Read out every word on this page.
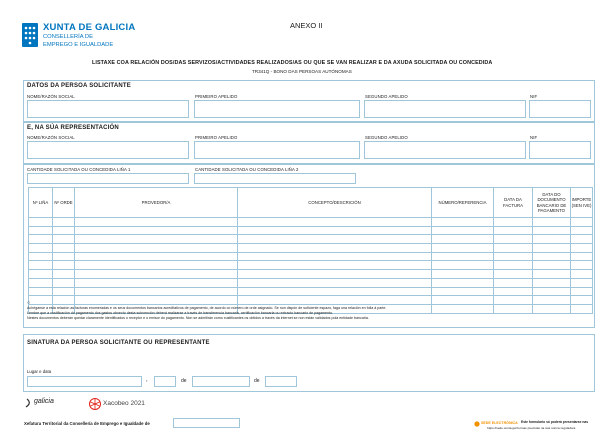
XUNTA DE GALICIA
CONSELLERÍA DE
EMPREGO E IGUALDADE
ANEXO II
LISTAXE COA RELACIÓN DOS/DAS SERVIZOS/ACTIVIDADES REALIZADOS/AS OU QUE SE VAN REALIZAR E DA AXUDA SOLICITADA OU CONCEDIDA
TR341Q - BONO DAS PERSOAS AUTÓNOMAS
DATOS DA PERSOA SOLICITANTE
NOME/RAZÓN SOCIAL	PRIMEIRO APELIDO	SEGUNDO APELIDO	NIF
E, NA SÚA REPRESENTACIÓN
NOME/RAZÓN SOCIAL	PRIMEIRO APELIDO	SEGUNDO APELIDO	NIF
CANTIDADE SOLICITADA OU CONCEDIDA LIÑA 1	CANTIDADE SOLICITADA OU CONCEDIDA LIÑA 2
Nº LIÑA	Nº ORDE	PROVEDOR/A	CONCEPTO/DESCRICIÓN	NÚMERO/REFERENCIA	DATA DA FACTURA	DATA DO DOCUMENTO BANCARIO DE PAGAMENTO	IMPORTE (SEN IVE)

○
Achéganse a esta relación as facturas enumeradas e os seus documentos bancarios acreditativos de pagamento, de acordo co número de orde asignado. Se non dispón de suficiente espazo, faga una relación en folla á parte.
Lembre que a xustificación do pagamento dos gastos obxecto desta subvención deberá realizarse a través de transferencia bancaria, certificación bancaria ou extracto bancario de pagamento.
Nestes documentos deberán quedar claramente identificados o receptor e o emisor do pagamento. Non se admitirán como xustificantes os obtidos a través da internet se non están validados pola entidade bancaria.
SINATURA DA PERSOA SOLICITANTE OU REPRESENTANTE
Lugar e data
,	de	de
galicia	Xacobeo 2021
Xefatura Territorial da Consellería de Emprego e Igualdade de	SEDE ELECTRÓNICA Este formulario só poderá presentarse nas
https://sede.xunta.gal formas previstas na súa norma reguladora
